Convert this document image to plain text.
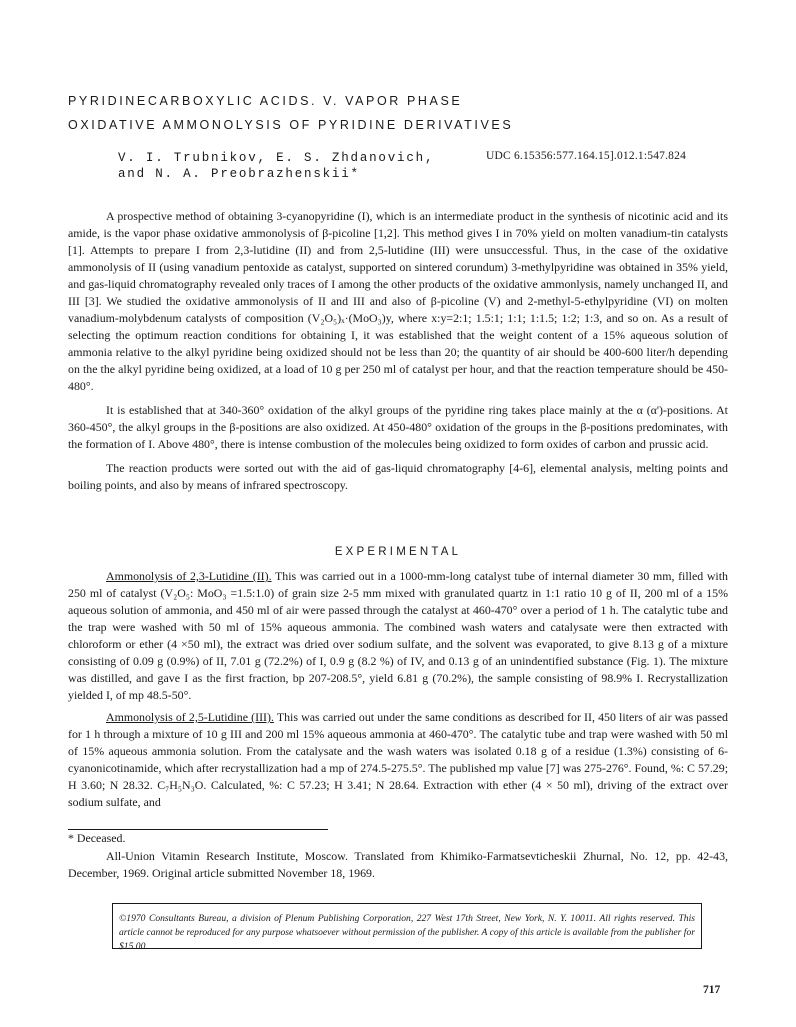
PYRIDINECARBOXYLIC ACIDS. V. VAPOR PHASE
OXIDATIVE AMMONOLYSIS OF PYRIDINE DERIVATIVES
V. I. Trubnikov, E. S. Zhdanovich,
and N. A. Preobrazhenskii*
UDC 6.15356:577.164.15].012.1:547.824

A prospective method of obtaining 3-cyanopyridine (I), which is an intermediate product in the synthesis of nicotinic acid and its amide, is the vapor phase oxidative ammonolysis of β-picoline [1,2]. This method gives I in 70% yield on molten vanadium-tin catalysts [1]. Attempts to prepare I from 2,3-lutidine (II) and from 2,5-lutidine (III) were unsuccessful. Thus, in the case of the oxidative ammonolysis of II (using vanadium pentoxide as catalyst, supported on sintered corundum) 3-methylpyridine was obtained in 35% yield, and gas-liquid chromatography revealed only traces of I among the other products of the oxidative ammonlysis, namely unchanged II, and III [3]. We studied the oxidative ammonolysis of II and III and also of β-picoline (V) and 2-methyl-5-ethylpyridine (VI) on molten vanadium-molybdenum catalysts of composition (V₂O₅)ₓ·(MoO₃)y, where x:y=2:1; 1.5:1; 1:1; 1:1.5; 1:2; 1:3, and so on. As a result of selecting the optimum reaction conditions for obtaining I, it was established that the weight content of a 15% aqueous solution of ammonia relative to the alkyl pyridine being oxidized should not be less than 20; the quantity of air should be 400-600 liter/h depending on the the alkyl pyridine being oxidized, at a load of 10 g per 250 ml of catalyst per hour, and that the reaction temperature should be 450-480°.

It is established that at 340-360° oxidation of the alkyl groups of the pyridine ring takes place mainly at the α (α')-positions. At 360-450°, the alkyl groups in the β-positions are also oxidized. At 450-480° oxidation of the groups in the β-positions predominates, with the formation of I. Above 480°, there is intense combustion of the molecules being oxidized to form oxides of carbon and prussic acid.

The reaction products were sorted out with the aid of gas-liquid chromatography [4-6], elemental analysis, melting points and boiling points, and also by means of infrared spectroscopy.

EXPERIMENTAL

Ammonolysis of 2,3-Lutidine (II). This was carried out in a 1000-mm-long catalyst tube of internal diameter 30 mm, filled with 250 ml of catalyst (V₂O₅: MoO₃ =1.5:1.0) of grain size 2-5 mm mixed with granulated quartz in 1:1 ratio 10 g of II, 200 ml of a 15% aqueous solution of ammonia, and 450 ml of air were passed through the catalyst at 460-470° over a period of 1 h. The catalytic tube and the trap were washed with 50 ml of 15% aqueous ammonia. The combined wash waters and catalysate were then extracted with chloroform or ether (4 ×50 ml), the extract was dried over sodium sulfate, and the solvent was evaporated, to give 8.13 g of a mixture consisting of 0.09 g (0.9%) of II, 7.01 g (72.2%) of I, 0.9 g (8.2 %) of IV, and 0.13 g of an unindentified substance (Fig. 1). The mixture was distilled, and gave I as the first fraction, bp 207-208.5°, yield 6.81 g (70.2%), the sample consisting of 98.9% I. Recrystallization yielded I, of mp 48.5-50°.

Ammonolysis of 2,5-Lutidine (III). This was carried out under the same conditions as described for II, 450 liters of air was passed for 1 h through a mixture of 10 g III and 200 ml 15% aqueous ammonia at 460-470°. The catalytic tube and trap were washed with 50 ml of 15% aqueous ammonia solution. From the catalysate and the wash waters was isolated 0.18 g of a residue (1.3%) consisting of 6-cyanonicotinamide, which after recrystallization had a mp of 274.5-275.5°. The published mp value [7] was 275-276°. Found, %: C 57.29; H 3.60; N 28.32. C₇H₅N₃O. Calculated, %: C 57.23; H 3.41; N 28.64. Extraction with ether (4 × 50 ml), driving of the extract over sodium sulfate, and

* Deceased.

All-Union Vitamin Research Institute, Moscow. Translated from Khimiko-Farmatsevticheskii Zhurnal, No. 12, pp. 42-43, December, 1969. Original article submitted November 18, 1969.

©1970 Consultants Bureau, a division of Plenum Publishing Corporation, 227 West 17th Street, New York, N. Y. 10011. All rights reserved. This article cannot be reproduced for any purpose whatsoever without permission of the publisher. A copy of this article is available from the publisher for $15.00.
717
